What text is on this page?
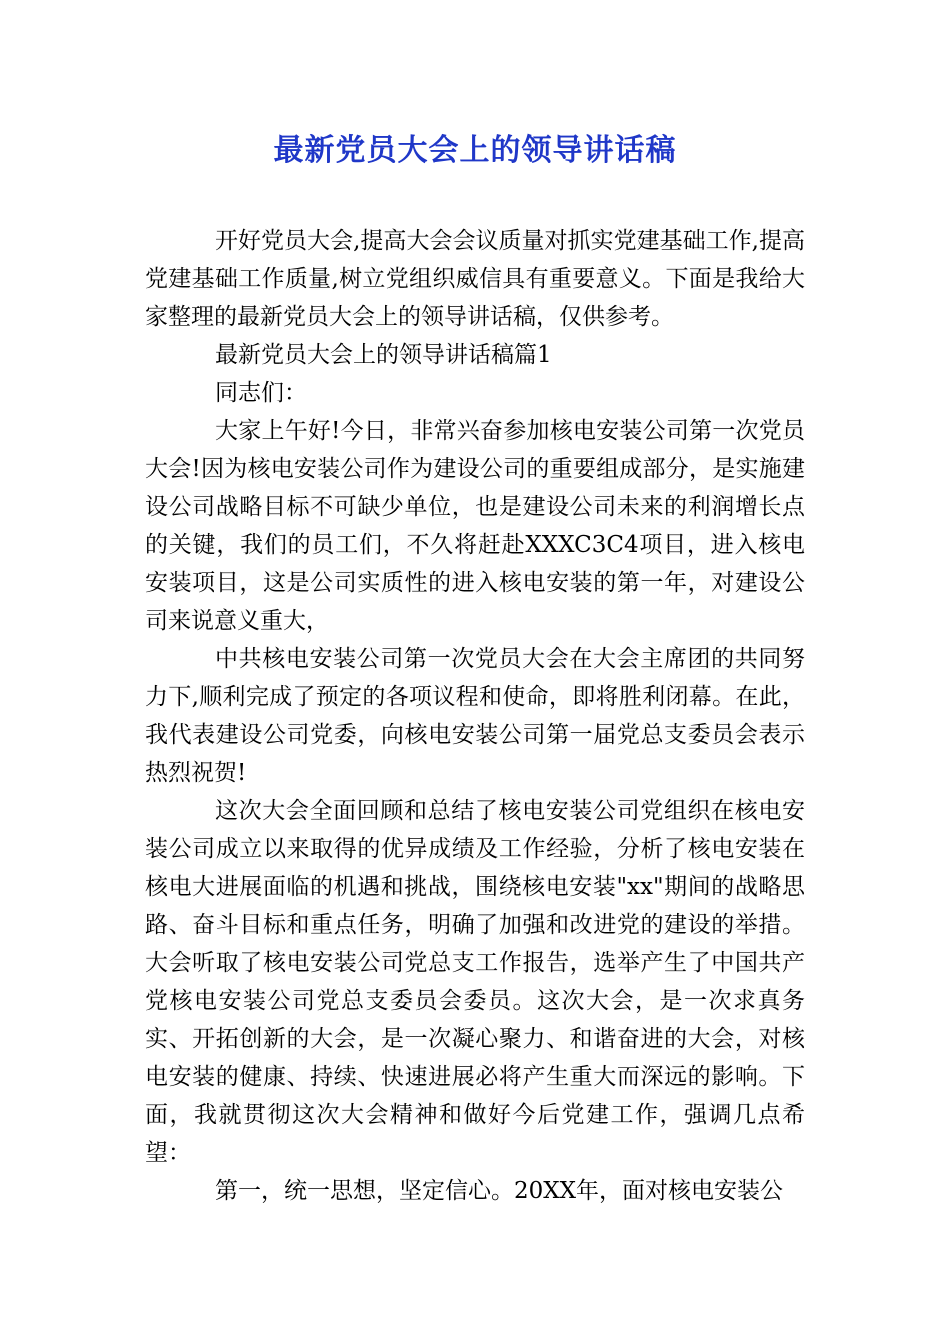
最新党员大会上的领导讲话稿

开好党员大会,提高大会会议质量对抓实党建基础工作,提高党建基础工作质量,树立党组织威信具有重要意义。下面是我给大家整理的最新党员大会上的领导讲话稿，仅供参考。

最新党员大会上的领导讲话稿篇1

同志们：

大家上午好!今日，非常兴奋参加核电安装公司第一次党员大会!因为核电安装公司作为建设公司的重要组成部分，是实施建设公司战略目标不可缺少单位，也是建设公司未来的利润增长点的关键，我们的员工们，不久将赶赴XXXC3C4项目，进入核电安装项目，这是公司实质性的进入核电安装的第一年，对建设公司来说意义重大，

中共核电安装公司第一次党员大会在大会主席团的共同努力下,顺利完成了预定的各项议程和使命，即将胜利闭幕。在此，我代表建设公司党委，向核电安装公司第一届党总支委员会表示热烈祝贺!

这次大会全面回顾和总结了核电安装公司党组织在核电安装公司成立以来取得的优异成绩及工作经验，分析了核电安装在核电大进展面临的机遇和挑战，围绕核电安装"xx"期间的战略思路、奋斗目标和重点任务，明确了加强和改进党的建设的举措。大会听取了核电安装公司党总支工作报告，选举产生了中国共产党核电安装公司党总支委员会委员。这次大会，是一次求真务实、开拓创新的大会，是一次凝心聚力、和谐奋进的大会，对核电安装的健康、持续、快速进展必将产生重大而深远的影响。下面，我就贯彻这次大会精神和做好今后党建工作，强调几点希望：

第一，统一思想，坚定信心。20XX年，面对核电安装公
